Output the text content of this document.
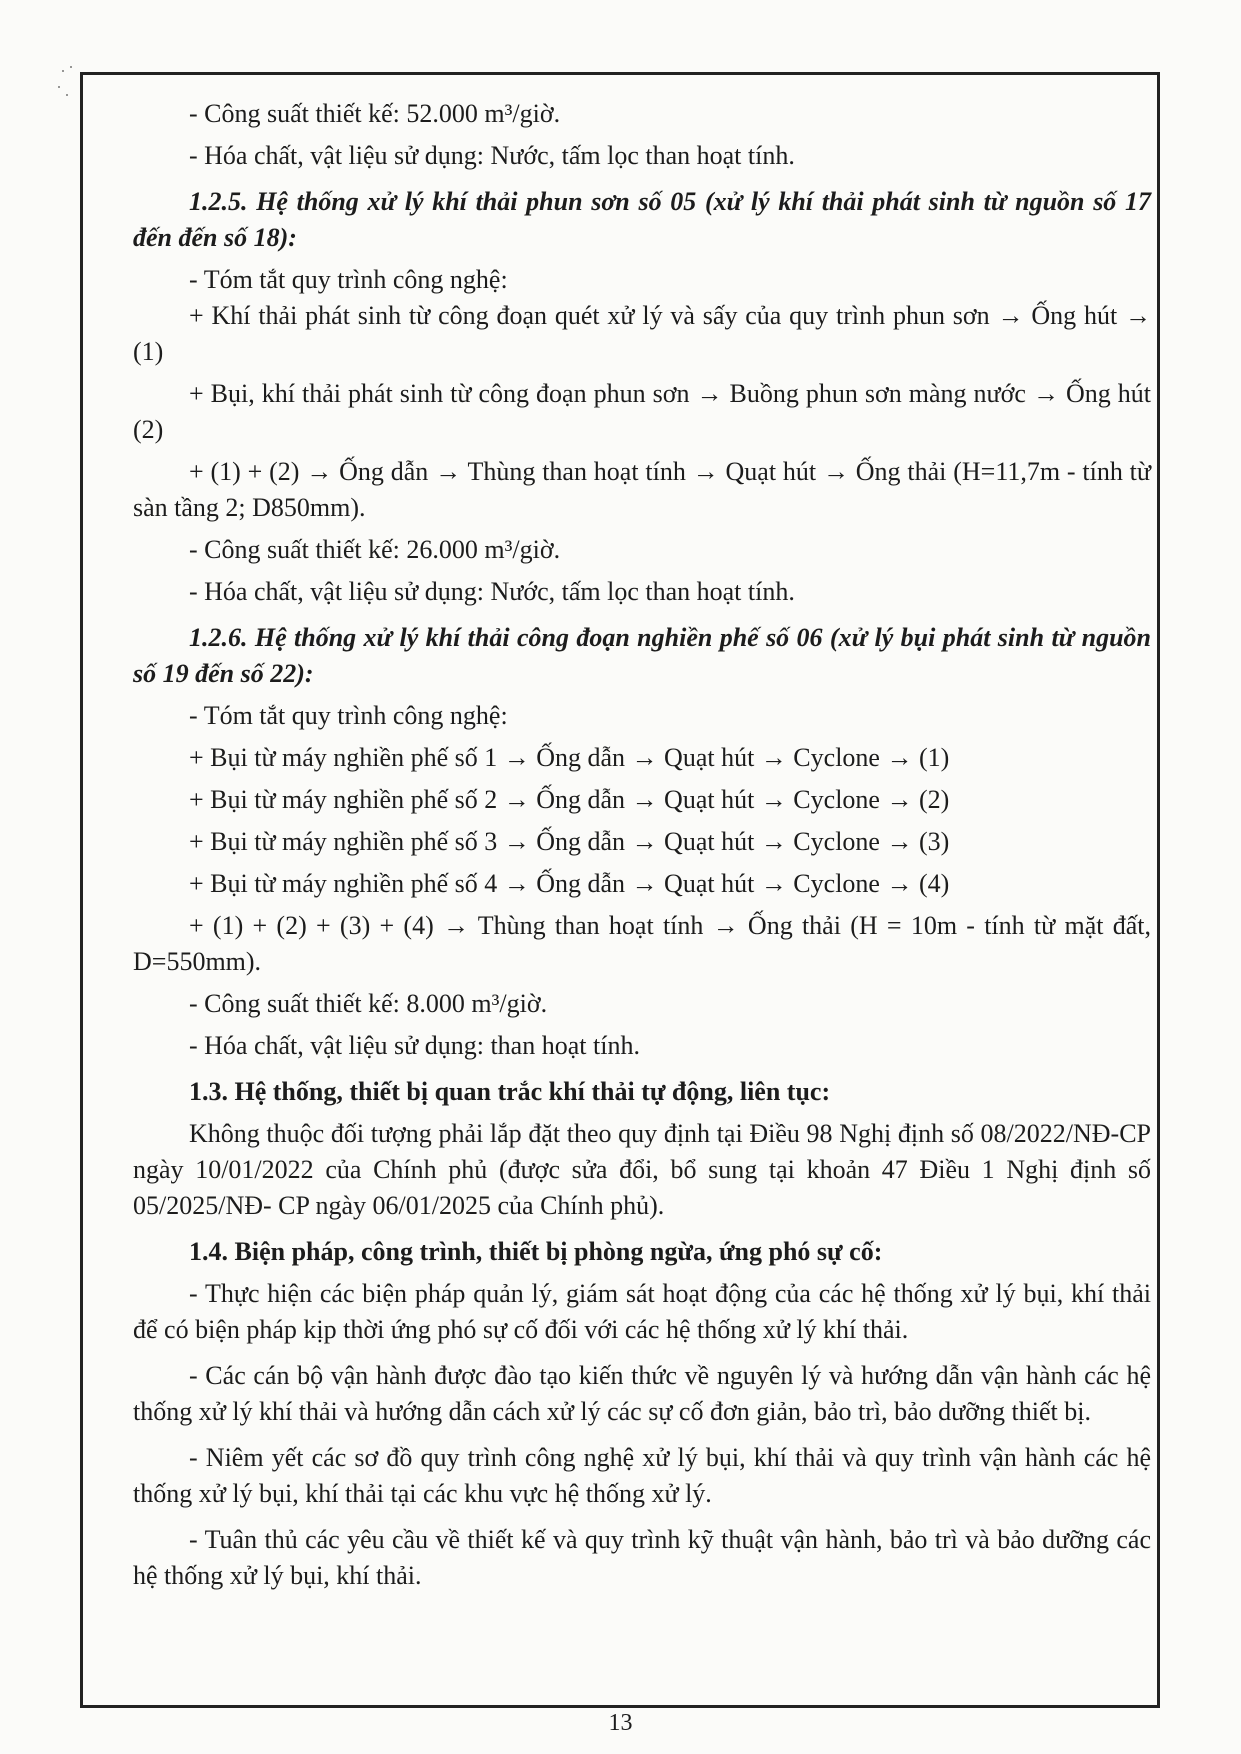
- Công suất thiết kế: 52.000 m³/giờ.

- Hóa chất, vật liệu sử dụng: Nước, tấm lọc than hoạt tính.

1.2.5. Hệ thống xử lý khí thải phun sơn số 05 (xử lý khí thải phát sinh từ nguồn số 17 đến đến số 18):

- Tóm tắt quy trình công nghệ:

+ Khí thải phát sinh từ công đoạn quét xử lý và sấy của quy trình phun sơn → Ống hút → (1)

+ Bụi, khí thải phát sinh từ công đoạn phun sơn → Buồng phun sơn màng nước → Ống hút (2)

+ (1) + (2) → Ống dẫn → Thùng than hoạt tính → Quạt hút → Ống thải (H=11,7m - tính từ sàn tầng 2; D850mm).

- Công suất thiết kế: 26.000 m³/giờ.

- Hóa chất, vật liệu sử dụng: Nước, tấm lọc than hoạt tính.

1.2.6. Hệ thống xử lý khí thải công đoạn nghiền phế số 06 (xử lý bụi phát sinh từ nguồn số 19 đến số 22):

- Tóm tắt quy trình công nghệ:

+ Bụi từ máy nghiền phế số 1 → Ống dẫn → Quạt hút → Cyclone → (1)

+ Bụi từ máy nghiền phế số 2 → Ống dẫn → Quạt hút → Cyclone → (2)

+ Bụi từ máy nghiền phế số 3 → Ống dẫn → Quạt hút → Cyclone → (3)

+ Bụi từ máy nghiền phế số 4 → Ống dẫn → Quạt hút → Cyclone → (4)

+ (1) + (2) + (3) + (4) → Thùng than hoạt tính → Ống thải (H = 10m - tính từ mặt đất, D=550mm).

- Công suất thiết kế: 8.000 m³/giờ.

- Hóa chất, vật liệu sử dụng: than hoạt tính.

1.3. Hệ thống, thiết bị quan trắc khí thải tự động, liên tục:

Không thuộc đối tượng phải lắp đặt theo quy định tại Điều 98 Nghị định số 08/2022/NĐ-CP ngày 10/01/2022 của Chính phủ (được sửa đổi, bổ sung tại khoản 47 Điều 1 Nghị định số 05/2025/NĐ- CP ngày 06/01/2025 của Chính phủ).

1.4. Biện pháp, công trình, thiết bị phòng ngừa, ứng phó sự cố:

- Thực hiện các biện pháp quản lý, giám sát hoạt động của các hệ thống xử lý bụi, khí thải để có biện pháp kịp thời ứng phó sự cố đối với các hệ thống xử lý khí thải.

- Các cán bộ vận hành được đào tạo kiến thức về nguyên lý và hướng dẫn vận hành các hệ thống xử lý khí thải và hướng dẫn cách xử lý các sự cố đơn giản, bảo trì, bảo dưỡng thiết bị.

- Niêm yết các sơ đồ quy trình công nghệ xử lý bụi, khí thải và quy trình vận hành các hệ thống xử lý bụi, khí thải tại các khu vực hệ thống xử lý.

- Tuân thủ các yêu cầu về thiết kế và quy trình kỹ thuật vận hành, bảo trì và bảo dưỡng các hệ thống xử lý bụi, khí thải.

13
